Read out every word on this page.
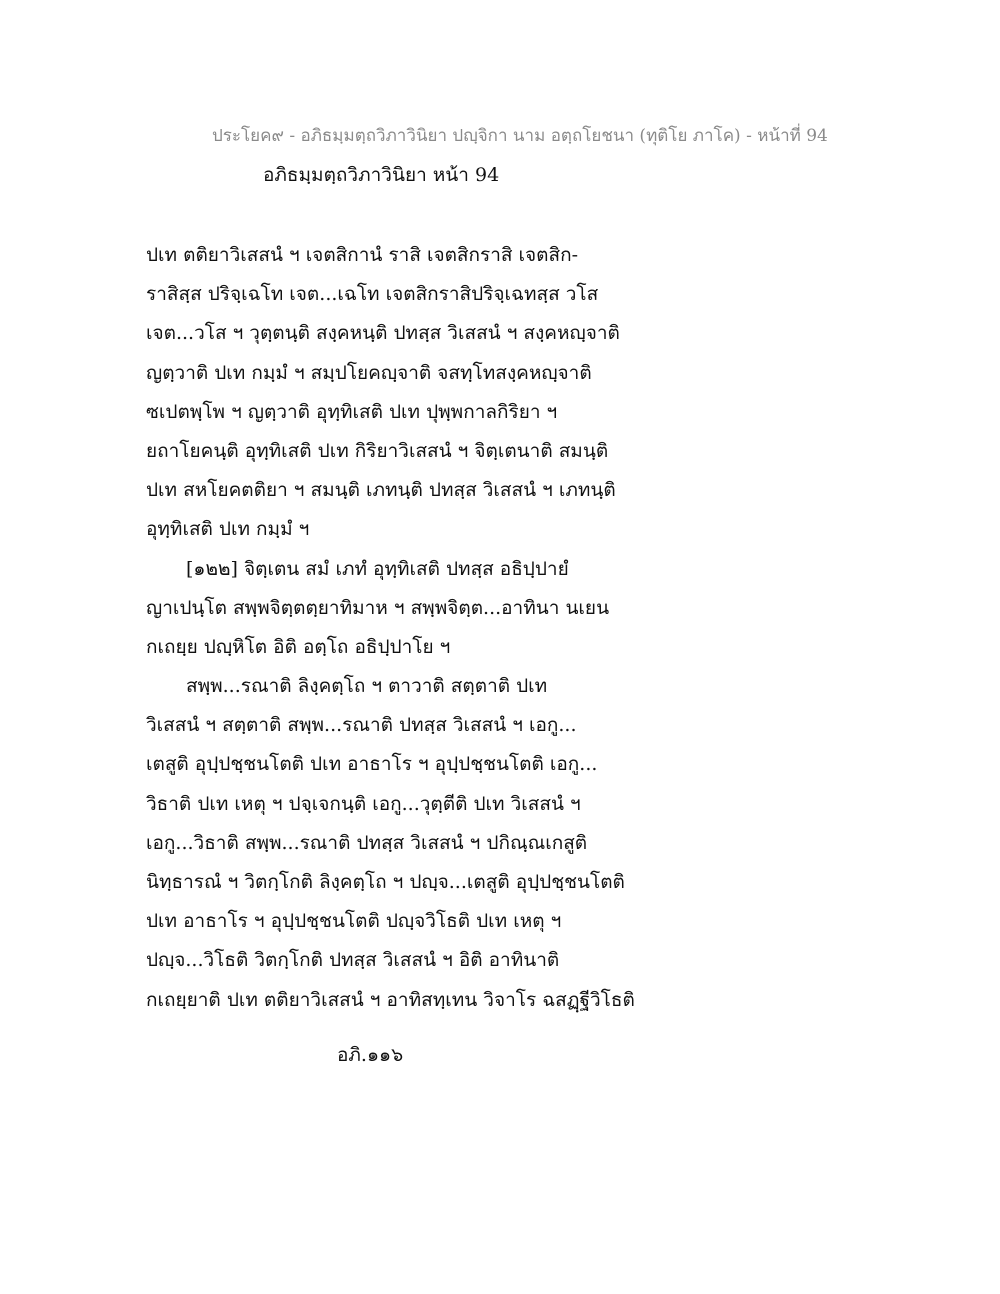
ประโยค๙ - อภิธมฺมตฺถวิภาวินิยา ปญฺจิกา นาม อตฺถโยชนา (ทุติโย ภาโค) - หน้าที่ 94
อภิธมฺมตฺถวิภาวินิยา หน้า 94
ปเท ตติยาวิเสสนํ ฯ เจตสิกานํ ราสิ เจตสิกราสิ เจตสิก-
ราสิสฺส ปริจฺเฉโท เจต...เฉโท เจตสิกราสิปริจฺเฉทสฺส วโส
เจต...วโส ฯ วุตฺตนฺติ สงฺคหนฺติ ปทสฺส วิเสสนํ ฯ สงฺคหญฺจาติ
ญตฺวาติ ปเท กมฺมํ ฯ สมฺปโยคญฺจาติ จสทฺโทสงฺคหญฺจาติ
ซเปตพฺโพ ฯ ญตฺวาติ อุทฺทิเสติ ปเท ปุพฺพกาลกิริยา ฯ
ยถาโยคนฺติ อุทฺทิเสติ ปเท กิริยาวิเสสนํ ฯ จิตฺเตนาติ สมนฺติ
ปเท สหโยคตติยา ฯ สมนฺติ เภทนฺติ ปทสฺส วิเสสนํ ฯ เภทนฺติ
อุทฺทิเสติ ปเท กมฺมํ ฯ
[๑๒๒] จิตฺเตน สมํ เภทํ อุทฺทิเสติ ปทสฺส อธิปฺปายํ
ญาเปนฺโต สพฺพจิตฺตตฺยาทิมาห ฯ สพฺพจิตฺต...อาทินา นเยน
กเถยฺย ปญฺหิโต อิติ อตฺโถ อธิปฺปาโย ฯ
สพฺพ...รณาติ ลิงฺคตฺโถ ฯ ตาวาติ สตฺตาติ ปเท
วิเสสนํ ฯ สตฺตาติ สพฺพ...รณาติ ปทสฺส วิเสสนํ ฯ เอกู...
เตสูติ อุปฺปชฺชนโตติ ปเท อาธาโร ฯ อุปฺปชฺชนโตติ เอกู...
วิธาติ ปเท เหตุ ฯ ปจฺเจกนฺติ เอกู...วุตฺตีติ ปเท วิเสสนํ ฯ
เอกู...วิธาติ สพฺพ...รณาติ ปทสฺส วิเสสนํ ฯ ปกิณฺณเกสูติ
นิทฺธารณํ ฯ วิตกฺโกติ ลิงฺคตฺโถ ฯ ปญฺจ...เตสูติ อุปฺปชฺชนโตติ
ปเท อาธาโร ฯ อุปฺปชฺชนโตติ ปญฺจวิโธติ ปเท เหตุ ฯ
ปญฺจ...วิโธติ วิตกฺโกติ ปทสฺส วิเสสนํ ฯ อิติ อาทินาติ
กเถยฺยาติ ปเท ตติยาวิเสสนํ ฯ อาทิสทฺเทน วิจาโร ฉสฏฺฐีวิโธติ
อภิ.๑๑๖
